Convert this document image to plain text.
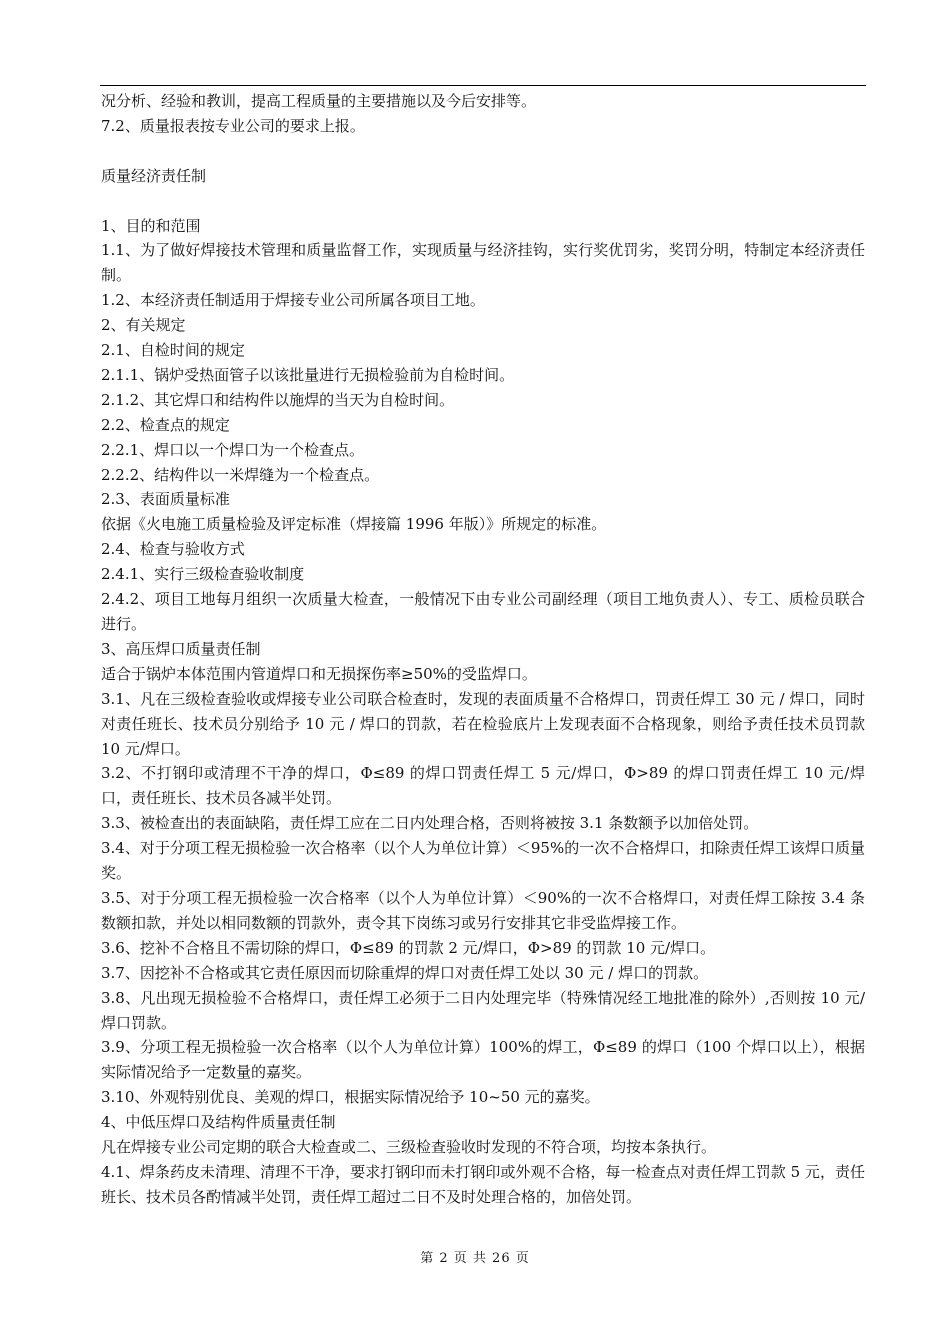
况分析、经验和教训，提高工程质量的主要措施以及今后安排等。

7.2、质量报表按专业公司的要求上报。

质量经济责任制

1、目的和范围

1.1、为了做好焊接技术管理和质量监督工作，实现质量与经济挂钩，实行奖优罚劣，奖罚分明，特制定本经济责任制。

1.2、本经济责任制适用于焊接专业公司所属各项目工地。

2、有关规定

2.1、自检时间的规定

2.1.1、锅炉受热面管子以该批量进行无损检验前为自检时间。

2.1.2、其它焊口和结构件以施焊的当天为自检时间。

2.2、检查点的规定

2.2.1、焊口以一个焊口为一个检查点。

2.2.2、结构件以一米焊缝为一个检查点。

2.3、表面质量标准

依据《火电施工质量检验及评定标准（焊接篇 1996 年版）》所规定的标准。

2.4、检查与验收方式

2.4.1、实行三级检查验收制度

2.4.2、项目工地每月组织一次质量大检查，一般情况下由专业公司副经理（项目工地负责人）、专工、质检员联合进行。

3、高压焊口质量责任制

适合于锅炉本体范围内管道焊口和无损探伤率≥50%的受监焊口。

3.1、凡在三级检查验收或焊接专业公司联合检查时，发现的表面质量不合格焊口，罚责任焊工 30 元 / 焊口，同时对责任班长、技术员分别给予 10 元 / 焊口的罚款，若在检验底片上发现表面不合格现象，则给予责任技术员罚款 10 元/焊口。

3.2、不打钢印或清理不干净的焊口，Φ≤89 的焊口罚责任焊工 5 元/焊口，Φ>89 的焊口罚责任焊工 10 元/焊口，责任班长、技术员各减半处罚。

3.3、被检查出的表面缺陷，责任焊工应在二日内处理合格，否则将被按 3.1 条数额予以加倍处罚。

3.4、对于分项工程无损检验一次合格率（以个人为单位计算）＜95%的一次不合格焊口，扣除责任焊工该焊口质量奖。

3.5、对于分项工程无损检验一次合格率（以个人为单位计算）＜90%的一次不合格焊口，对责任焊工除按 3.4 条数额扣款，并处以相同数额的罚款外，责令其下岗练习或另行安排其它非受监焊接工作。

3.6、挖补不合格且不需切除的焊口，Φ≤89 的罚款 2 元/焊口，Φ>89 的罚款 10 元/焊口。

3.7、因挖补不合格或其它责任原因而切除重焊的焊口对责任焊工处以 30 元 / 焊口的罚款。

3.8、凡出现无损检验不合格焊口，责任焊工必须于二日内处理完毕（特殊情况经工地批准的除外）,否则按 10 元/焊口罚款。

3.9、分项工程无损检验一次合格率（以个人为单位计算）100%的焊工，Φ≤89 的焊口（100 个焊口以上），根据实际情况给予一定数量的嘉奖。

3.10、外观特别优良、美观的焊口，根据实际情况给予 10~50 元的嘉奖。

4、中低压焊口及结构件质量责任制

凡在焊接专业公司定期的联合大检查或二、三级检查验收时发现的不符合项，均按本条执行。

4.1、焊条药皮未清理、清理不干净，要求打钢印而未打钢印或外观不合格，每一检查点对责任焊工罚款 5 元，责任班长、技术员各酌情减半处罚，责任焊工超过二日不及时处理合格的，加倍处罚。

第 2 页 共 26 页
